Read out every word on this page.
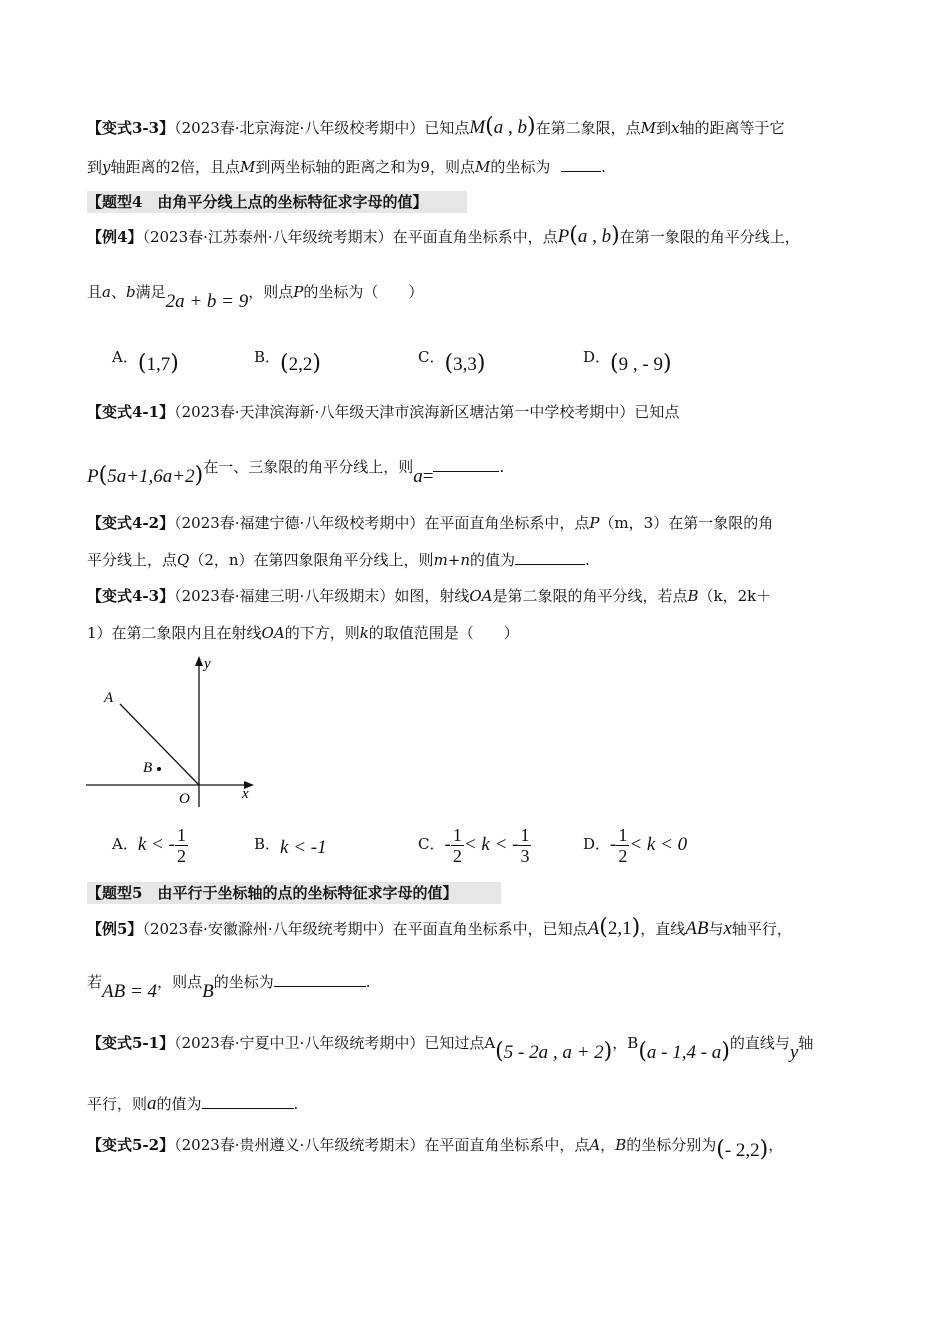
【变式3-3】（2023春·北京海淀·八年级校考期中）已知点M(a , b)在第二象限，点M到x轴的距离等于它
到y轴距离的2倍，且点M到两坐标轴的距离之和为9，则点M的坐标为	.
【题型4　由角平分线上点的坐标特征求字母的值】
【例4】（2023春·江苏泰州·八年级统考期末）在平面直角坐标系中，点P(a , b)在第一象限的角平分线上，
且a、b满足2a + b = 9，则点P的坐标为（　　）
A．(1,7)	B．(2,2)	C．(3,3)	D．(9 , - 9)
【变式4-1】（2023春·天津滨海新·八年级天津市滨海新区塘沽第一中学校考期中）已知点
P(5a+1,6a+2)在一、三象限的角平分线上，则a=	.
【变式4-2】（2023春·福建宁德·八年级校考期中）在平面直角坐标系中，点P（m，3）在第一象限的角
平分线上，点Q（2，n）在第四象限角平分线上，则m+n的值为	.
【变式4-3】（2023春·福建三明·八年级期末）如图，射线OA是第二象限的角平分线，若点B（k，2k＋
1）在第二象限内且在射线OA的下方，则k的取值范围是（　　）
A
B
O	x
y
A．k < - $\frac{1}{2}$	B．k < -1	C．- $\frac{1}{2} < k$ < - $\frac{1}{3}$	D．- $\frac{1}{2} < k < 0$
【题型5　由平行于坐标轴的点的坐标特征求字母的值】
【例5】（2023春·安徽滁州·八年级统考期中）在平面直角坐标系中，已知点A(2,1)，直线AB与x轴平行，
若AB = 4，则点B的坐标为	.
【变式5-1】（2023春·宁夏中卫·八年级统考期中）已知过点A(5 - 2a , a + 2)，B(a - 1,4 - a)的直线与y轴
平行，则a的值为	.
【变式5-2】（2023春·贵州遵义·八年级统考期末）在平面直角坐标系中，点A，B的坐标分别为(- 2,2)，
